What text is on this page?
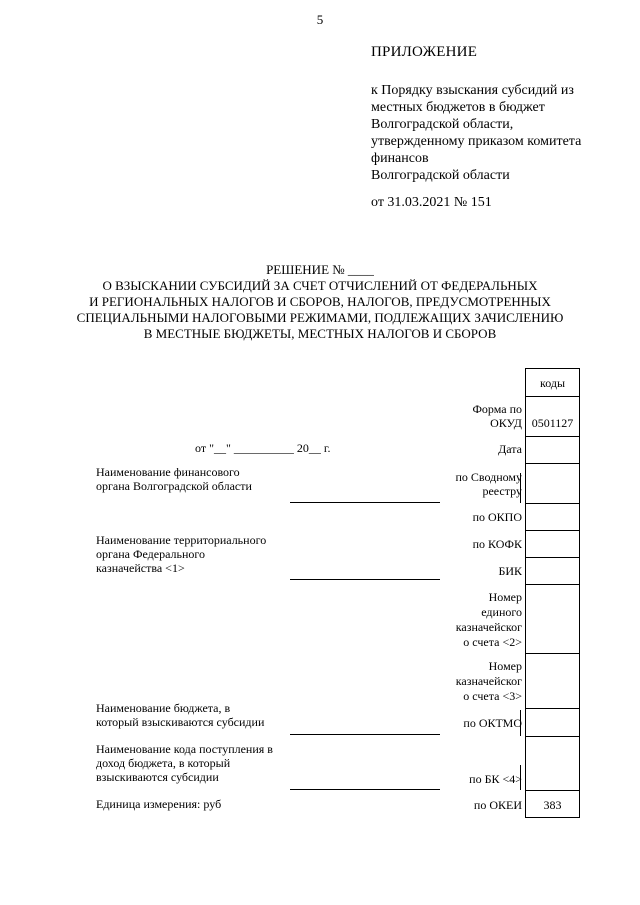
5
ПРИЛОЖЕНИЕ
к Порядку взыскания субсидий из
местных бюджетов в бюджет
Волгоградской области,
утвержденному приказом комитета
финансов
Волгоградской области
от 31.03.2021 № 151
РЕШЕНИЕ № ____
О ВЗЫСКАНИИ СУБСИДИЙ ЗА СЧЕТ ОТЧИСЛЕНИЙ ОТ ФЕДЕРАЛЬНЫХ
И РЕГИОНАЛЬНЫХ НАЛОГОВ И СБОРОВ, НАЛОГОВ, ПРЕДУСМОТРЕННЫХ
СПЕЦИАЛЬНЫМИ НАЛОГОВЫМИ РЕЖИМАМИ, ПОДЛЕЖАЩИХ ЗАЧИСЛЕНИЮ
В МЕСТНЫЕ БЮДЖЕТЫ, МЕСТНЫХ НАЛОГОВ И СБОРОВ
от "__" __________ 20__ г.
Наименование финансового
органа Волгоградской области
Наименование территориального
органа Федерального
казначейства <1>
Наименование бюджета, в
который взыскиваются субсидии
Наименование кода поступления в
доход бюджета, в который
взыскиваются субсидии
Единица измерения: руб
Форма по
ОКУД
Дата
по Сводному
реестру
по ОКПО
по КОФК
БИК
Номер
единого
казначейског
о счета <2>
Номер
казначейског
о счета <3>
по ОКТМО
по БК <4>
по ОКЕИ
коды
0501127
383
